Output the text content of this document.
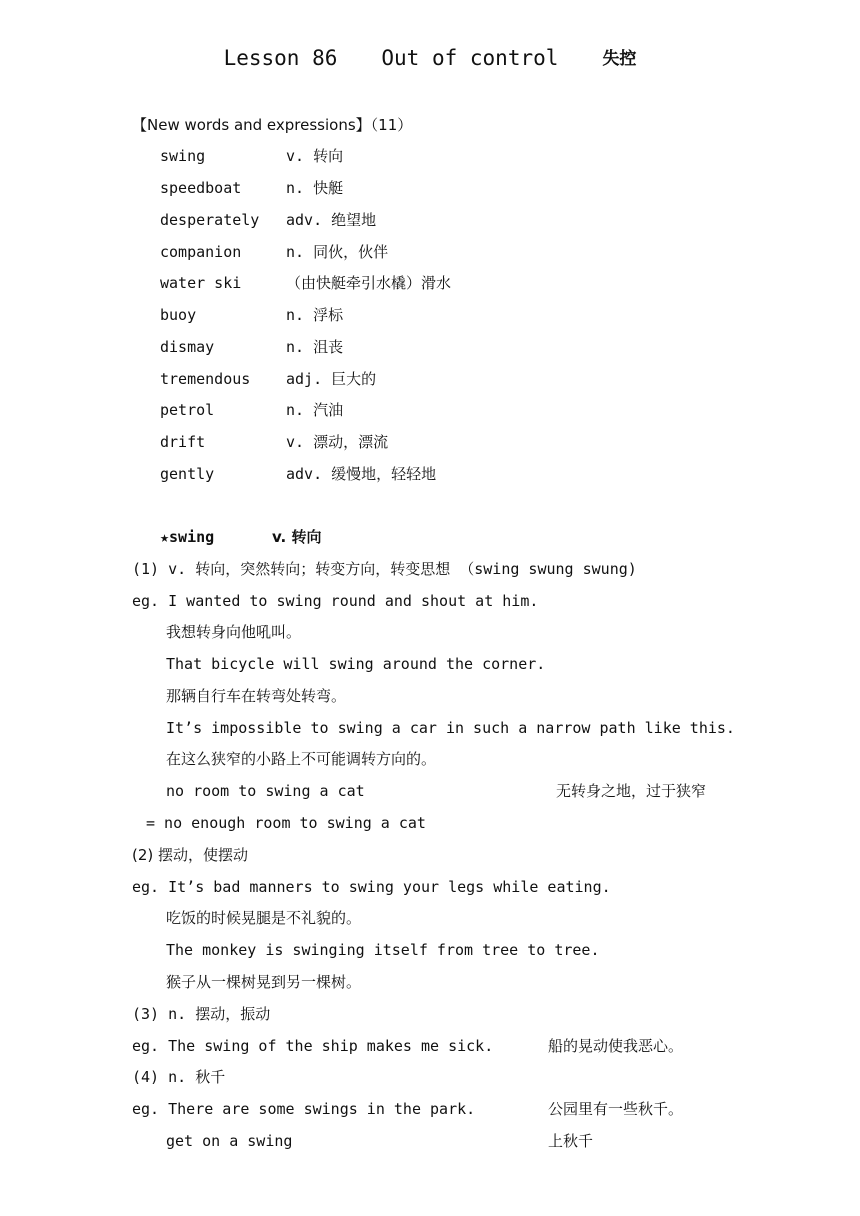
Lesson 86 Out of control	失控
【New words and expressions】（11）
swing	v. 转向
speedboat	n. 快艇
desperately adv. 绝望地
companion	n. 同伙，伙伴
water ski	（由快艇牵引水橇）滑水
buoy	n. 浮标
dismay	n. 沮丧
tremendous adj. 巨大的
petrol	n. 汽油
drift	v. 漂动，漂流
gently	adv. 缓慢地，轻轻地
★swing	v. 转向
(1) v. 转向，突然转向；转变方向，转变思想 （swing swung swung)
eg. I wanted to swing round and shout at him.
我想转身向他吼叫。
That bicycle will swing around the corner.
那辆自行车在转弯处转弯。
It’s impossible to swing a car in such a narrow path like this.
在这么狭窄的小路上不可能调转方向的。
no room to swing a cat	无转身之地，过于狭窄
= no enough room to swing a cat
(2) 摆动，使摆动
eg. It’s bad manners to swing your legs while eating.
吃饭的时候晃腿是不礼貌的。
The monkey is swinging itself from tree to tree.
猴子从一棵树晃到另一棵树。
(3) n. 摆动，振动
eg. The swing of the ship makes me sick.	船的晃动使我恶心。
(4) n. 秋千
eg. There are some swings in the park.	公园里有一些秋千。
get on a swing	上秋千
